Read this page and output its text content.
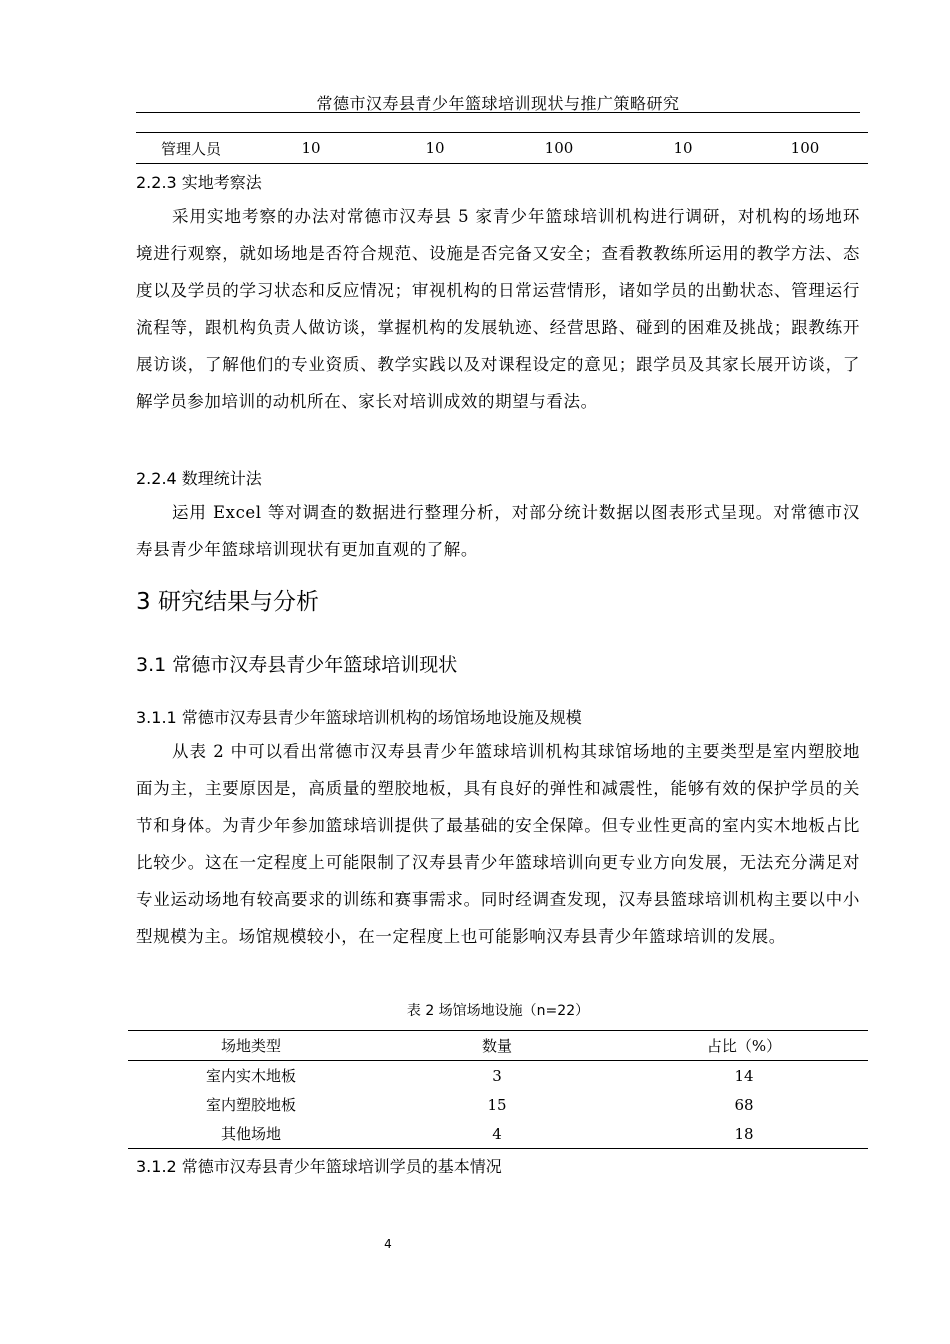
常德市汉寿县青少年篮球培训现状与推广策略研究
管理人员	10	10	100	10	100
2.2.3 实地考察法

采用实地考察的办法对常德市汉寿县 5 家青少年篮球培训机构进行调研，对机构的场地环境进行观察，就如场地是否符合规范、设施是否完备又安全；查看教教练所运用的教学方法、态度以及学员的学习状态和反应情况；审视机构的日常运营情形，诸如学员的出勤状态、管理运行流程等，跟机构负责人做访谈，掌握机构的发展轨迹、经营思路、碰到的困难及挑战；跟教练开展访谈，了解他们的专业资质、教学实践以及对课程设定的意见；跟学员及其家长展开访谈，了解学员参加培训的动机所在、家长对培训成效的期望与看法。

2.2.4 数理统计法

运用 Excel 等对调查的数据进行整理分析，对部分统计数据以图表形式呈现。对常德市汉寿县青少年篮球培训现状有更加直观的了解。

3 研究结果与分析
3.1 常德市汉寿县青少年篮球培训现状
3.1.1 常德市汉寿县青少年篮球培训机构的场馆场地设施及规模

从表 2 中可以看出常德市汉寿县青少年篮球培训机构其球馆场地的主要类型是室内塑胶地面为主，主要原因是，高质量的塑胶地板，具有良好的弹性和减震性，能够有效的保护学员的关节和身体。为青少年参加篮球培训提供了最基础的安全保障。但专业性更高的室内实木地板占比比较少。这在一定程度上可能限制了汉寿县青少年篮球培训向更专业方向发展，无法充分满足对专业运动场地有较高要求的训练和赛事需求。同时经调查发现，汉寿县篮球培训机构主要以中小型规模为主。场馆规模较小，在一定程度上也可能影响汉寿县青少年篮球培训的发展。

表 2 场馆场地设施（n=22）
场地类型	数量	占比（%）
室内实木地板	3	14
室内塑胶地板	15	68
其他场地	4	18
3.1.2 常德市汉寿县青少年篮球培训学员的基本情况
4
